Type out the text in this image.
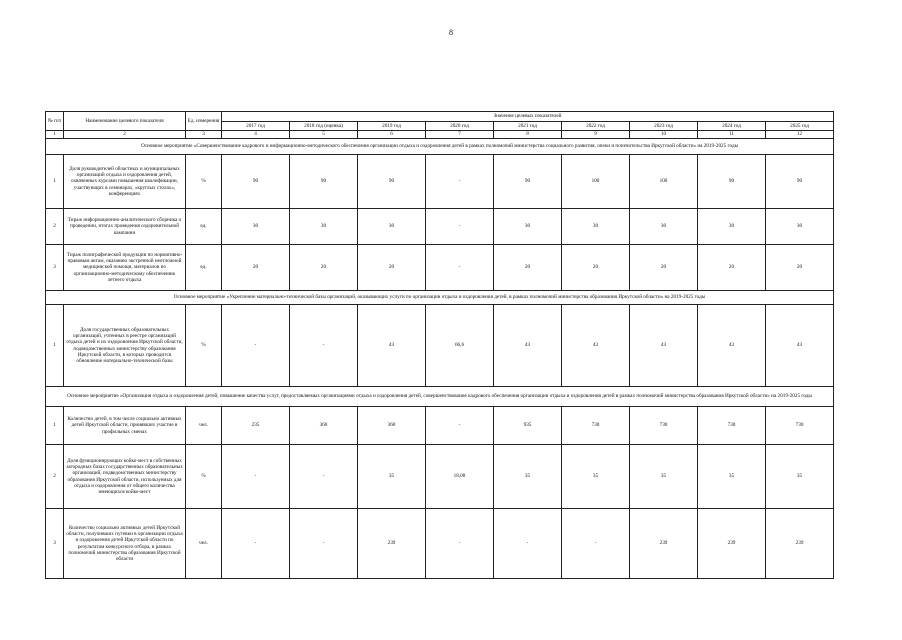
8
№ п/п	Наименование целевого показателя	Ед. измерения	Значение целевых показателей								
			2017 год	2018 год (оценка)	2019 год	2020 год	2021 год	2022 год	2023 год	2024 год	2025 год
1	2	3	4	5	6	7	8	9	10	11	12
Основное мероприятие «Совершенствование кадрового и информационно-методического обеспечения организации отдыха и оздоровления детей в рамках полномочий министерства социального развития, опеки и попечительства Иркутской области» на 2019-2025 годы											
1	Доля руководителей областных и муниципальных организаций отдыха и оздоровления детей, охваченных курсами повышения квалификации, участвующих в семинарах, «круглых столах», конференциях	%	90	90	90	-	90	100	100	90	90
2	Тираж информационно-аналитического сборника о проведении, итогах проведения оздоровительной кампании	ед.	30	30	30	-	30	30	30	30	30
3	Тираж полиграфической продукции по нормативно-правовым актам, оказанию экстренной неотложной медицинской помощи, материалов по организационно-методическому обеспечению летнего отдыха	ед.	20	20	20	-	20	20	20	20	20
Основное мероприятие «Укрепление материально-технической базы организаций, оказывающих услуги по организации отдыха и оздоровления детей, в рамках полномочий министерства образования Иркутской области» на 2019-2025 годы											
1	Доля государственных образовательных организаций, учтенных в реестре организаций отдыха детей и их оздоровления Иркутской области, подведомственных министерству образования Иркутской области, в которых проводится обновление материально-технической базы	%	-	-	43	66,6	43	43	43	43	43
Основное мероприятие «Организация отдыха и оздоровления детей, повышение качества услуг, предоставляемых организациями отдыха и оздоровления детей, совершенствование кадрового обеспечения организации отдыха и оздоровления детей в рамках полномочий министерства образования Иркутской области» на 2019-2025 годы											
1	Количество детей, в том числе социально активных детей Иркутской области, принявших участие в профильных сменах	чел.	235	360	360	-	935	730	730	730	730
2	Доля функционирующих койко-мест в собственных загородных базах государственных образовательных организаций, подведомственных министерству образования Иркутской области, используемых для отдыха и оздоровления от общего количества имеющихся койко-мест	%	-	-	35	18,08	35	35	35	35	35
3	Количество социально активных детей Иркутской области, получивших путевки в организации отдыха и оздоровления детей Иркутской области по результатам конкурсного отбора, в рамках полномочий министерства образования Иркутской области	чел.	-	-	239	-	-	-	239	239	239
